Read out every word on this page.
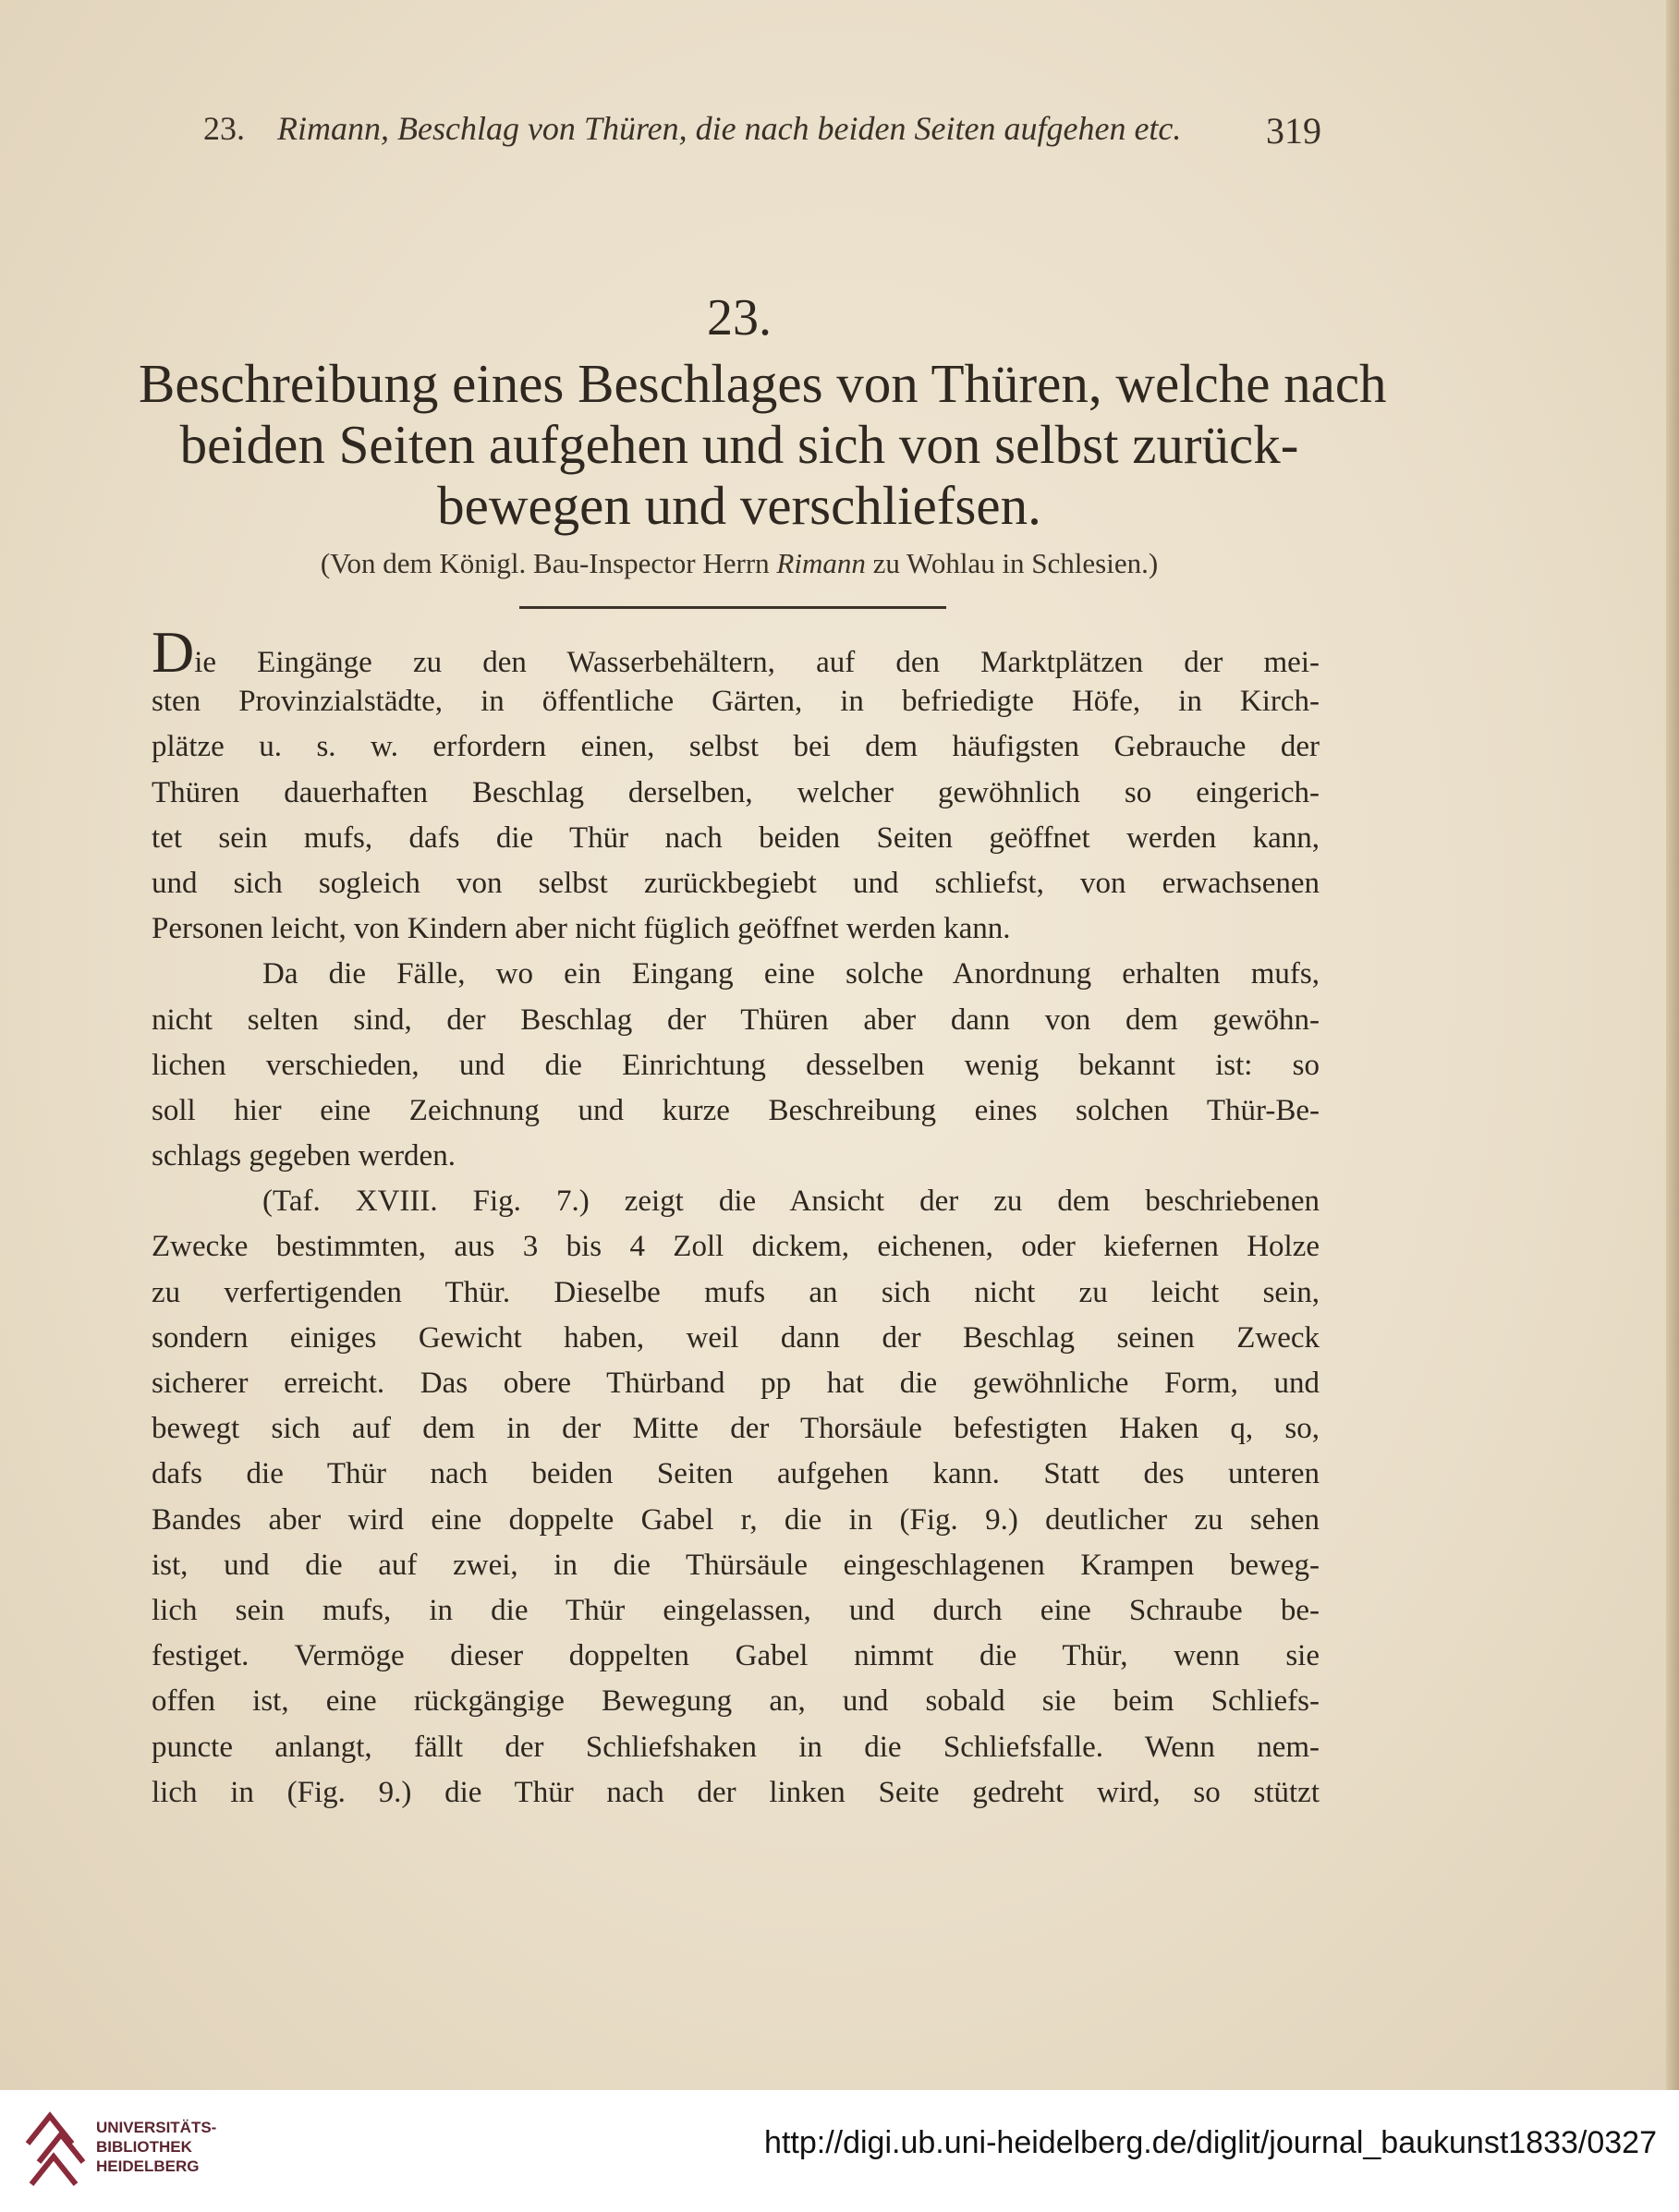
23. Rimann, Beschlag von Thüren, die nach beiden Seiten aufgehen etc. 319
23.
Beschreibung eines Beschlages von Thüren, welche nach
beiden Seiten aufgehen und sich von selbst zurück-
bewegen und verschliefsen.
(Von dem Königl. Bau-Inspector Herrn Rimann zu Wohlau in Schlesien.)
Die Eingänge zu den Wasserbehältern, auf den Marktplätzen der mei-
sten Provinzialstädte, in öffentliche Gärten, in befriedigte Höfe, in Kirch-
plätze u. s. w. erfordern einen, selbst bei dem häufigsten Gebrauche der
Thüren dauerhaften Beschlag derselben, welcher gewöhnlich so eingerich-
tet sein mufs, dafs die Thür nach beiden Seiten geöffnet werden kann,
und sich sogleich von selbst zurückbegiebt und schliefst, von erwachsenen
Personen leicht, von Kindern aber nicht füglich geöffnet werden kann.
Da die Fälle, wo ein Eingang eine solche Anordnung erhalten mufs,
nicht selten sind, der Beschlag der Thüren aber dann von dem gewöhn-
lichen verschieden, und die Einrichtung desselben wenig bekannt ist: so
soll hier eine Zeichnung und kurze Beschreibung eines solchen Thür-Be-
schlags gegeben werden.
(Taf. XVIII. Fig. 7.) zeigt die Ansicht der zu dem beschriebenen
Zwecke bestimmten, aus 3 bis 4 Zoll dickem, eichenen, oder kiefernen Holze
zu verfertigenden Thür. Dieselbe mufs an sich nicht zu leicht sein,
sondern einiges Gewicht haben, weil dann der Beschlag seinen Zweck
sicherer erreicht. Das obere Thürband pp hat die gewöhnliche Form, und
bewegt sich auf dem in der Mitte der Thorsäule befestigten Haken q, so,
dafs die Thür nach beiden Seiten aufgehen kann. Statt des unteren
Bandes aber wird eine doppelte Gabel r, die in (Fig. 9.) deutlicher zu sehen
ist, und die auf zwei, in die Thürsäule eingeschlagenen Krampen beweg-
lich sein mufs, in die Thür eingelassen, und durch eine Schraube be-
festiget. Vermöge dieser doppelten Gabel nimmt die Thür, wenn sie
offen ist, eine rückgängige Bewegung an, und sobald sie beim Schliefs-
puncte anlangt, fällt der Schliefshaken in die Schliefsfalle. Wenn nem-
lich in (Fig. 9.) die Thür nach der linken Seite gedreht wird, so stützt
UNIVERSITÄTS-
BIBLIOTHEK
HEIDELBERG
http://digi.ub.uni-heidelberg.de/diglit/journal_baukunst1833/0327
